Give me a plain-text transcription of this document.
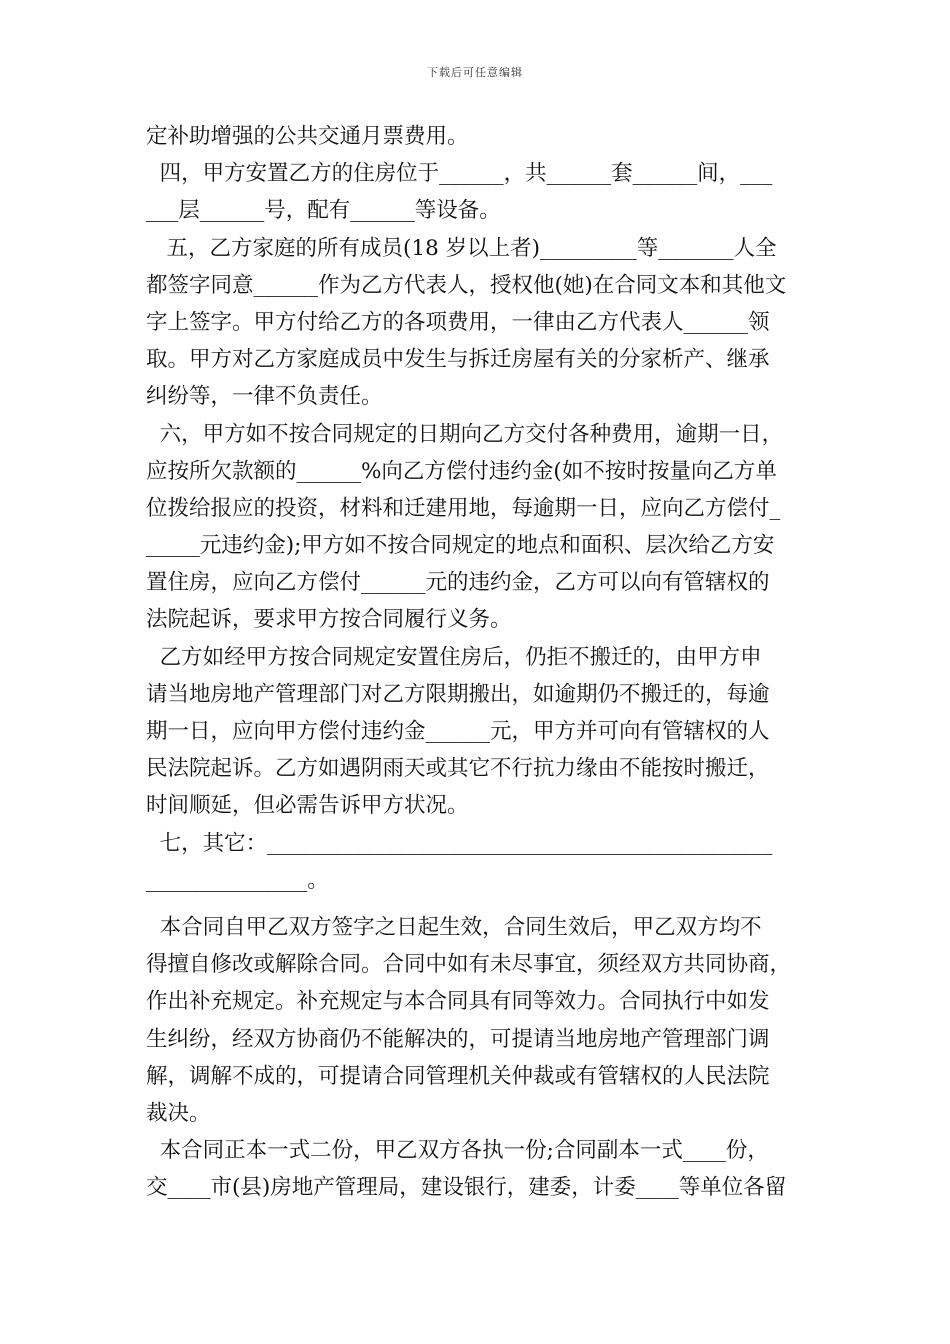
下载后可任意编辑
定补助增强的公共交通月票费用。
四，甲方安置乙方的住房位于______，共______套______间，___
___层______号，配有______等设备。
五，乙方家庭的所有成员(18 岁以上者)_________等_______人全
都签字同意______作为乙方代表人，授权他(她)在合同文本和其他文
字上签字。甲方付给乙方的各项费用，一律由乙方代表人______领
取。甲方对乙方家庭成员中发生与拆迁房屋有关的分家析产、继承
纠纷等，一律不负责任。
六，甲方如不按合同规定的日期向乙方交付各种费用，逾期一日，
应按所欠款额的______%向乙方偿付违约金(如不按时按量向乙方单
位拨给报应的投资，材料和迁建用地，每逾期一日，应向乙方偿付_
_____元违约金);甲方如不按合同规定的地点和面积、层次给乙方安
置住房，应向乙方偿付______元的违约金，乙方可以向有管辖权的
法院起诉，要求甲方按合同履行义务。
乙方如经甲方按合同规定安置住房后，仍拒不搬迁的，由甲方申
请当地房地产管理部门对乙方限期搬出，如逾期仍不搬迁的，每逾
期一日，应向甲方偿付违约金______元，甲方并可向有管辖权的人
民法院起诉。乙方如遇阴雨天或其它不行抗力缘由不能按时搬迁，
时间顺延，但必需告诉甲方状况。
七，其它：_______________________________________________
_______________。
本合同自甲乙双方签字之日起生效，合同生效后，甲乙双方均不
得擅自修改或解除合同。合同中如有未尽事宜，须经双方共同协商，
作出补充规定。补充规定与本合同具有同等效力。合同执行中如发
生纠纷，经双方协商仍不能解决的，可提请当地房地产管理部门调
解，调解不成的，可提请合同管理机关仲裁或有管辖权的人民法院
裁决。
本合同正本一式二份，甲乙双方各执一份;合同副本一式____份，
交____市(县)房地产管理局，建设银行，建委，计委____等单位各留
